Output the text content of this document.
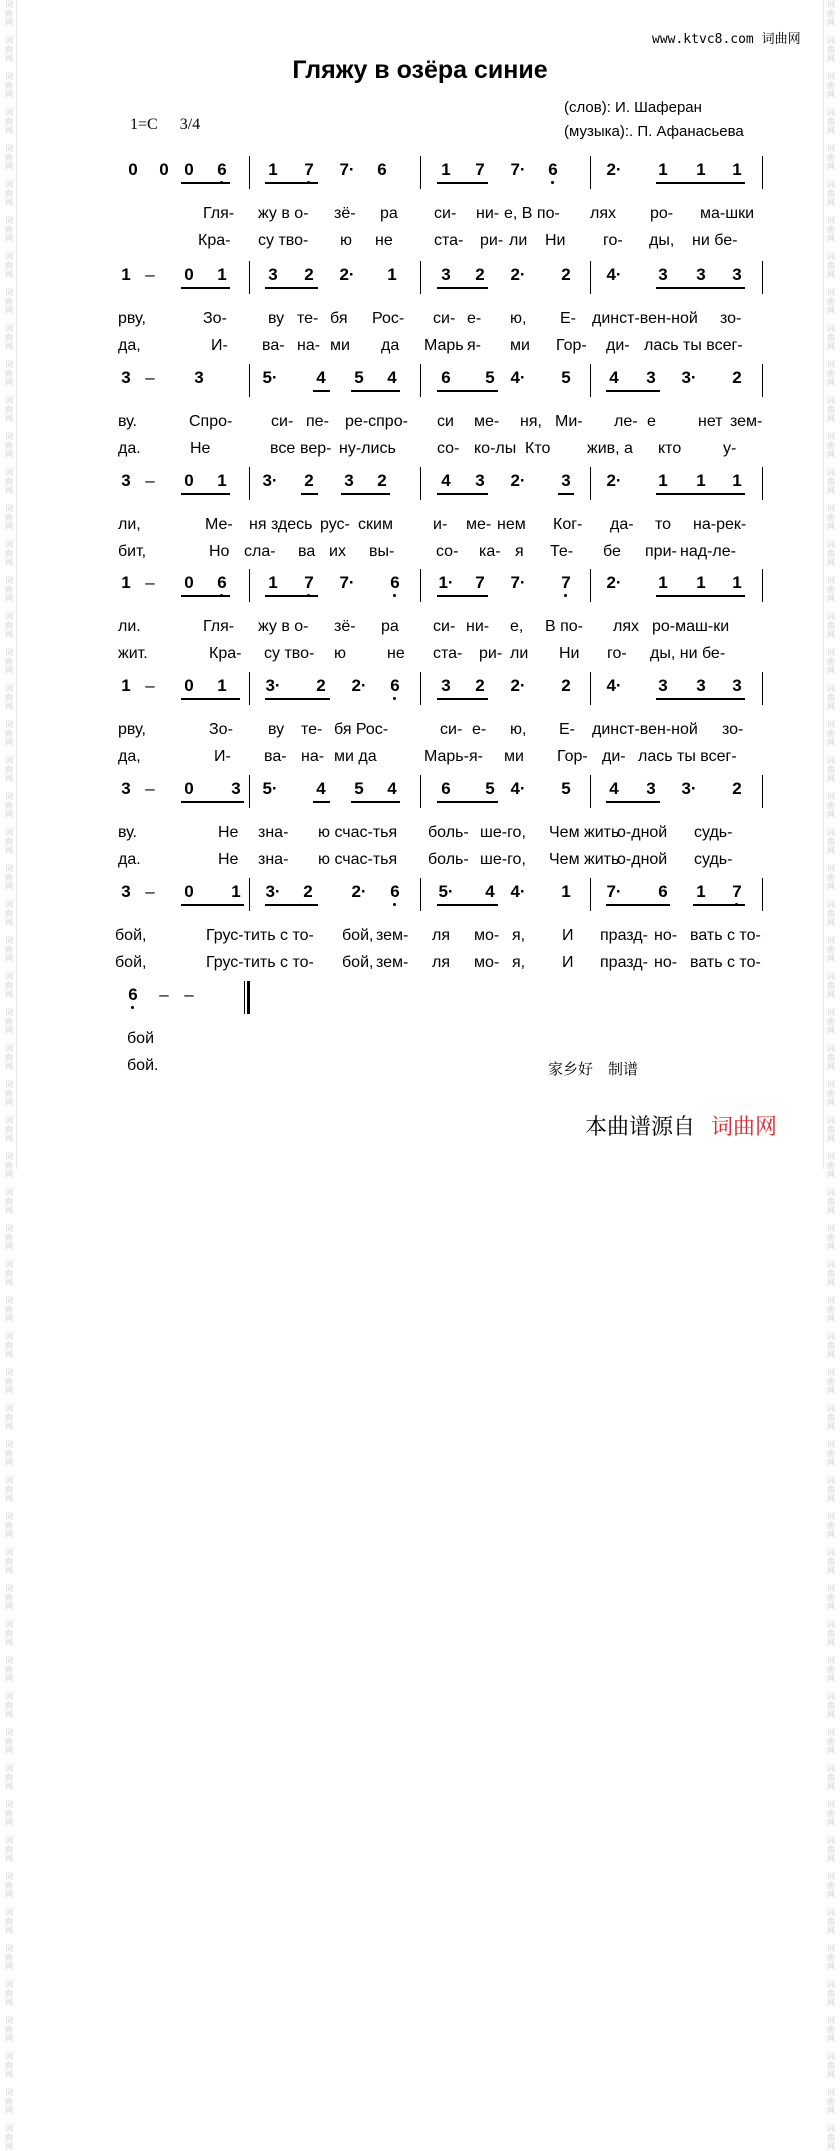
词
曲
网

词
曲
网

词
曲
网

词
曲
网

词
曲
网

词
曲
网

词
曲
网

词
曲
网

词
曲
网

词
曲
网

词
曲
网

词
曲
网

词
曲
网

词
曲
网

词
曲
网

词
曲
网

词
曲
网

词
曲
网

词
曲
网

词
曲
网

词
曲
网

词
曲
网

词
曲
网

词
曲
网

词
曲
网

词
曲
网

词
曲
网

词
曲
网

词
曲
网

词
曲
网

词
曲
网

词
曲
网

词
曲
网

词
曲
网

词
曲
网

词
曲
网

词
曲
网

词
曲
网

词
曲
网

词
曲
网

词
曲
网

词
曲
网

词
曲
网

词
曲
网

词
曲
网

词
曲
网

词
曲
网

词
曲
网

词
曲
网

词
曲
网

词
曲
网

词
曲
网

词
曲
网

词
曲
网

词
曲
网

词
曲
网

词
曲
网

词
曲
网

词
曲
网

词
曲
网

词
曲
网

词
曲
网

词
曲
网

词
曲
网

词
曲
网

词
曲
网

词
曲
网

词
曲
网

词
曲
网

词
曲
网

词
曲
网

词
曲
网

词
曲
网

词
曲
网

词
曲
网

词
曲
网

词
曲
网

词
曲
网

词
曲
网

词
曲
网

词
曲
网

词
曲
网

词
曲
网

词
曲
网

词
曲
网

词
曲
网

词
曲
网

词
曲
网

词
曲
网

词
曲
网

词
曲
网

词
曲
网

词
曲
网

词
曲
网

词
曲
网

词
曲
网

词
曲
网

词
曲
网

词
曲
网

词
曲
网

词
曲
网

词
曲
网

词
曲
网

词
曲
网

词
曲
网

词
曲
网

词
曲
网

词
曲
网

词
曲
网

词
曲
网

词
曲
网

词
曲
网

词
曲
网

词
曲
网

词
曲
网

词
曲
网

词
曲
网

词
曲
网

词
曲
网

词
曲
网

www.ktvc8.com 词曲网
Гляжу в озёра синие
(слов): И. Шаферан
(музыка):. П. Афанасьева
1=C 3/4
0 0 0 6 1 7 7· 6	1 7 7· 6	2· 1 1 1
Гля- жу в о- зё- ра си- ни- е, В по- лях ро- ма-шки
Кра- су тво- ю не	ста- ри- ли Ни го- ды, ни бе-
1 – 0 1 3 2 2· 1	3 2 2· 2 4· 3 3 3
рву,	Зо-	ву те- бя Рос- си- е- ю, Е- динст-вен-ной зо-
да,	И- ва- на- ми да Марь я- ми Гор- ди- лась ты всег-
3 – 3	5· 4 5 4	6 5 4· 5 4 3 3· 2
ву.	Спро- си- пе- ре-спро- си ме- ня, Ми- ле- е	нет зем-
да.	Не	все вер- ну-лись	со- ко-лы Кто жив, а кто	у-
3 – 0 1 3· 2 3 2	4 3 2· 3 2· 1 1 1
ли,	Ме- ня здесь рус- ским	и- ме- нем Ког- да- то на-рек-
бит,	Но сла- ва их вы-	со- ка- я Те- бе при- над-ле-
1 – 0 6 1 7 7· 6 1· 7 7· 7 2· 1 1 1
ли.	Гля- жу в о- зё- ра си- ни- е, В по- лях ро-маш-ки
жит.	Кра- су тво- ю	не ста- ри- ли Ни го- ды, ни бе-
1 – 0 1 3· 2 2· 6 3 2 2· 2 4· 3 3 3
рву,	Зо- ву те- бя Рос-	си- е- ю, Е- динст-вен-ной зо-
да,	И- ва- на- ми да	Марь-я- ми Гор- ди- лась ты всег-
3 – 0 3 5· 4 5 4	6 5 4· 5 4 3 3· 2
ву.	Не зна- ю счас-тья боль- ше-го, Чем жить
о-дной судь-
да.	Не зна- ю счас-тья боль- ше-го, Чем жить
о-дной судь-
3 – 0 1 3· 2 2· 6 5· 4 4· 1 7· 6 1 7
бой,	Грус-тить с то- бой, зем- ля мо- я, И празд- но- вать с то-
бой,	Грус-тить с то- бой, зем- ля мо- я, И празд- но- вать с то-
6 – –
бой
бой.	家乡好　制谱
本曲谱源自 词曲网
